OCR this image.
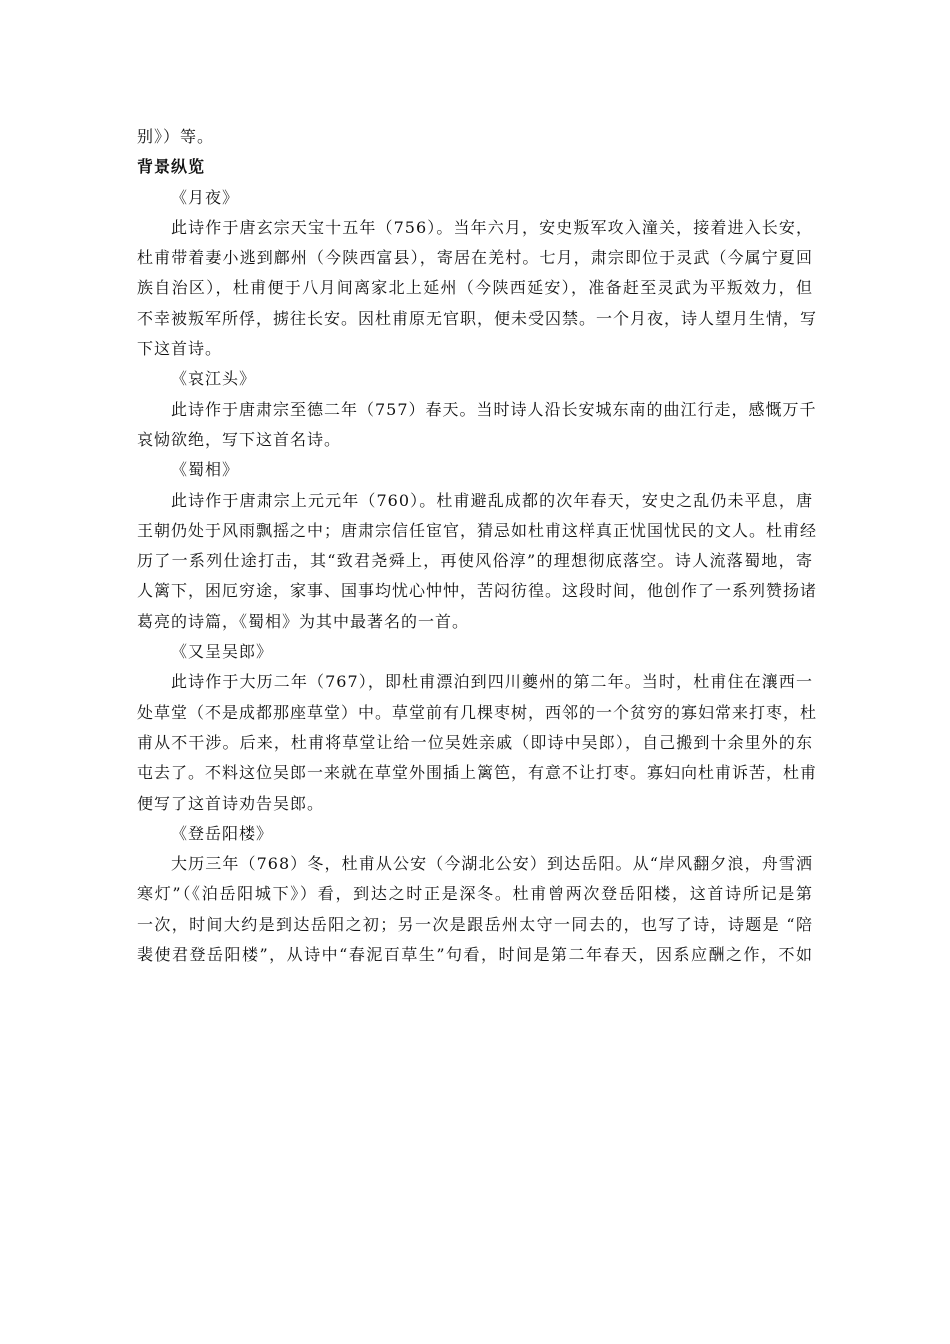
别》）等。

背景纵览

《月夜》

此诗作于唐玄宗天宝十五年（756）。当年六月，安史叛军攻入潼关，接着进入长安，

杜甫带着妻小逃到鄜州（今陕西富县），寄居在羌村。七月，肃宗即位于灵武（今属宁夏回

族自治区），杜甫便于八月间离家北上延州（今陕西延安），准备赶至灵武为平叛效力，但

不幸被叛军所俘，掳往长安。因杜甫原无官职，便未受囚禁。一个月夜，诗人望月生情，写

下这首诗。

《哀江头》

此诗作于唐肃宗至德二年（757）春天。当时诗人沿长安城东南的曲江行走，感慨万千

哀恸欲绝，写下这首名诗。

《蜀相》

此诗作于唐肃宗上元元年（760）。杜甫避乱成都的次年春天，安史之乱仍未平息，唐

王朝仍处于风雨飘摇之中；唐肃宗信任宦官，猜忌如杜甫这样真正忧国忧民的文人。杜甫经

历了一系列仕途打击，其“致君尧舜上，再使风俗淳”的理想彻底落空。诗人流落蜀地，寄

人篱下，困厄穷途，家事、国事均忧心忡忡，苦闷彷徨。这段时间，他创作了一系列赞扬诸

葛亮的诗篇，《蜀相》为其中最著名的一首。

《又呈吴郎》

此诗作于大历二年（767），即杜甫漂泊到四川夔州的第二年。当时，杜甫住在瀼西一

处草堂（不是成都那座草堂）中。草堂前有几棵枣树，西邻的一个贫穷的寡妇常来打枣，杜

甫从不干涉。后来，杜甫将草堂让给一位吴姓亲戚（即诗中吴郎），自己搬到十余里外的东

屯去了。不料这位吴郎一来就在草堂外围插上篱笆，有意不让打枣。寡妇向杜甫诉苦，杜甫

便写了这首诗劝告吴郎。

《登岳阳楼》

大历三年（768）冬，杜甫从公安（今湖北公安）到达岳阳。从“岸风翻夕浪，舟雪洒

寒灯”（《泊岳阳城下》）看，到达之时正是深冬。杜甫曾两次登岳阳楼，这首诗所记是第

一次，时间大约是到达岳阳之初；另一次是跟岳州太守一同去的，也写了诗，诗题是 “陪

裴使君登岳阳楼”，从诗中“春泥百草生”句看，时间是第二年春天，因系应酬之作，不如
